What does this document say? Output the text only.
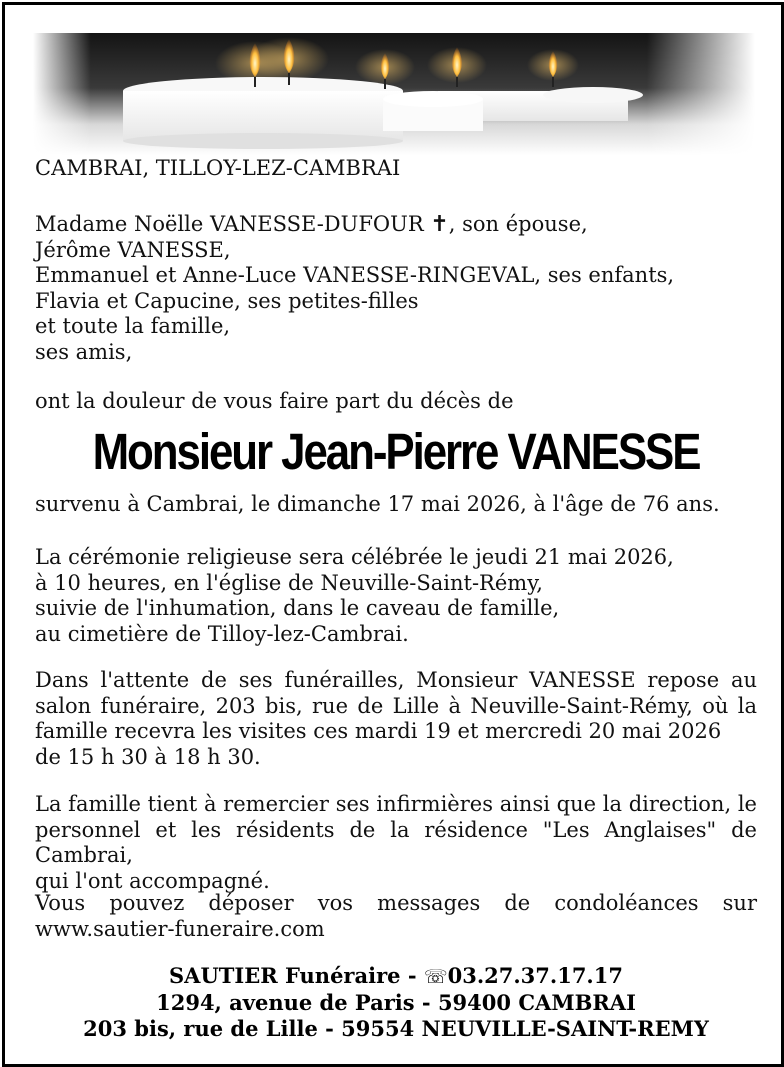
CAMBRAI, TILLOY-LEZ-CAMBRAI

Madame Noëlle VANESSE-DUFOUR ✝, son épouse,
Jérôme VANESSE,
Emmanuel et Anne-Luce VANESSE-RINGEVAL, ses enfants,
Flavia et Capucine, ses petites-filles
et toute la famille,
ses amis,

ont la douleur de vous faire part du décès de

Monsieur Jean-Pierre VANESSE

survenu à Cambrai, le dimanche 17 mai 2026, à l'âge de 76 ans.

La cérémonie religieuse sera célébrée le jeudi 21 mai 2026,
à 10 heures, en l'église de Neuville-Saint-Rémy,
suivie de l'inhumation, dans le caveau de famille,
au cimetière de Tilloy-lez-Cambrai.
Dans l'attente de ses funérailles, Monsieur VANESSE repose au
salon funéraire, 203 bis, rue de Lille à Neuville-Saint-Rémy, où la
famille recevra les visites ces mardi 19 et mercredi 20 mai 2026
de 15 h 30 à 18 h 30.
La famille tient à remercier ses infirmières ainsi que la direction, le
personnel et les résidents de la résidence "Les Anglaises" de Cambrai,
qui l'ont accompagné.
Vous pouvez déposer vos messages de condoléances sur
www.sautier-funeraire.com
SAUTIER Funéraire - ☏03.27.37.17.17
1294, avenue de Paris - 59400 CAMBRAI
203 bis, rue de Lille - 59554 NEUVILLE-SAINT-REMY
